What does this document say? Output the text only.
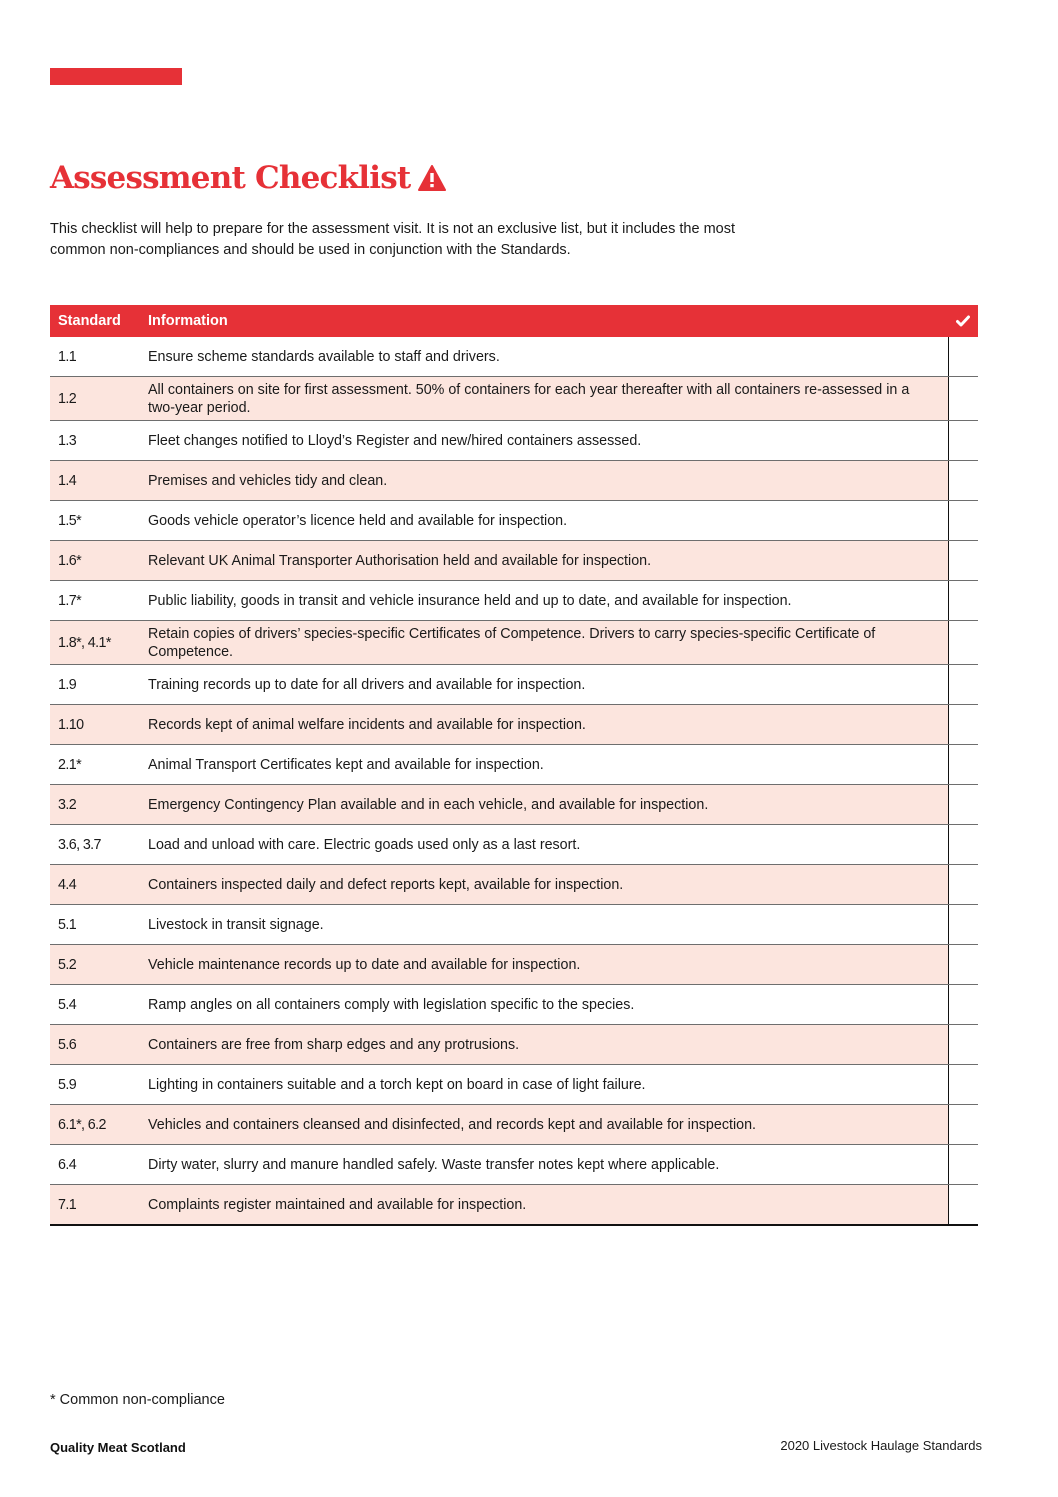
Assessment Checklist

This checklist will help to prepare for the assessment visit. It is not an exclusive list, but it includes the most common non-compliances and should be used in conjunction with the Standards.

Standard	Information	
1.1	Ensure scheme standards available to staff and drivers.	
1.2	All containers on site for first assessment. 50% of containers for each year thereafter with all containers re-assessed in a two-year period.	
1.3	Fleet changes notified to Lloyd’s Register and new/hired containers assessed.	
1.4	Premises and vehicles tidy and clean.	
1.5*	Goods vehicle operator’s licence held and available for inspection.	
1.6*	Relevant UK Animal Transporter Authorisation held and available for inspection.	
1.7*	Public liability, goods in transit and vehicle insurance held and up to date, and available for inspection.	
1.8*, 4.1*	Retain copies of drivers’ species-specific Certificates of Competence. Drivers to carry species-specific Certificate of Competence.	
1.9	Training records up to date for all drivers and available for inspection.	
1.10	Records kept of animal welfare incidents and available for inspection.	
2.1*	Animal Transport Certificates kept and available for inspection.	
3.2	Emergency Contingency Plan available and in each vehicle, and available for inspection.	
3.6, 3.7	Load and unload with care. Electric goads used only as a last resort.	
4.4	Containers inspected daily and defect reports kept, available for inspection.	
5.1	Livestock in transit signage.	
5.2	Vehicle maintenance records up to date and available for inspection.	
5.4	Ramp angles on all containers comply with legislation specific to the species.	
5.6	Containers are free from sharp edges and any protrusions.	
5.9	Lighting in containers suitable and a torch kept on board in case of light failure.	
6.1*, 6.2	Vehicles and containers cleansed and disinfected, and records kept and available for inspection.	
6.4	Dirty water, slurry and manure handled safely. Waste transfer notes kept where applicable.	
7.1	Complaints register maintained and available for inspection.	
* Common non-compliance
Quality Meat Scotland	2020 Livestock Haulage Standards
